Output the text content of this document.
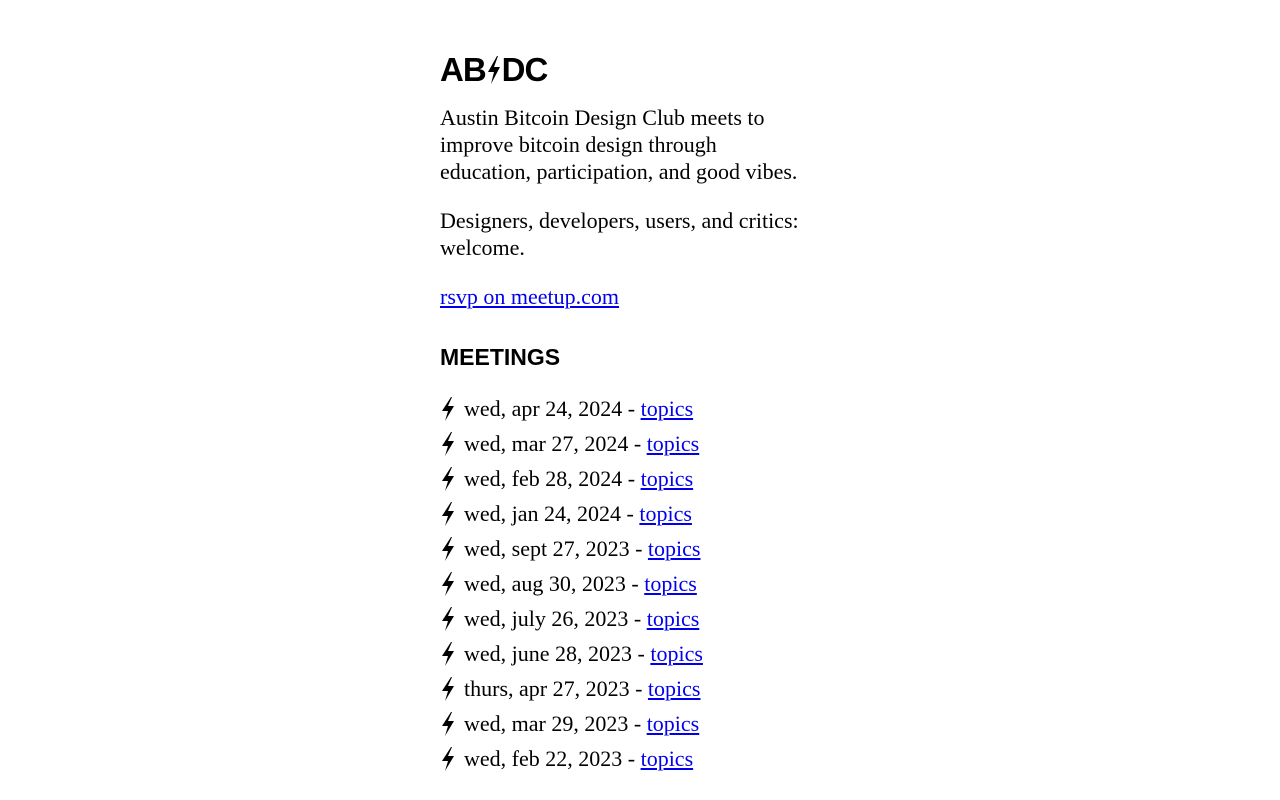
AB DC

Austin Bitcoin Design Club meets to improve bitcoin design through education, participation, and good vibes.

Designers, developers, users, and critics: welcome.

rsvp on meetup.com

MEETINGS
wed, apr 24, 2024 - topics
wed, mar 27, 2024 - topics
wed, feb 28, 2024 - topics
wed, jan 24, 2024 - topics
wed, sept 27, 2023 - topics
wed, aug 30, 2023 - topics
wed, july 26, 2023 - topics
wed, june 28, 2023 - topics
thurs, apr 27, 2023 - topics
wed, mar 29, 2023 - topics
wed, feb 22, 2023 - topics
